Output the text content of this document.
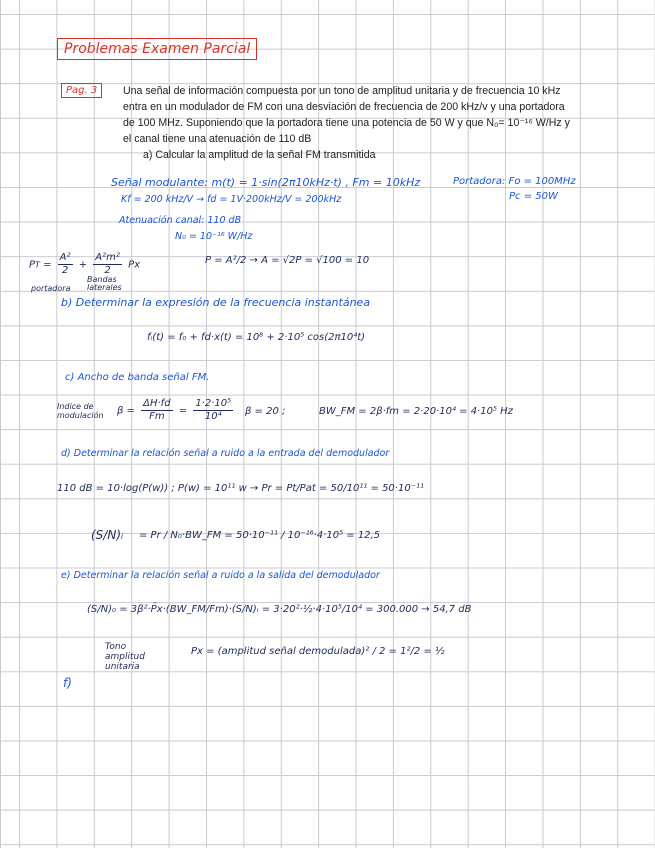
Problemas Examen Parcial
Pag. 3	Una señal de información compuesta por un tono de amplitud unitaria y de frecuencia 10 kHz
entra en un modulador de FM con una desviación de frecuencia de 200 kHz/v y una portadora
de 100 MHz. Suponiendo que la portadora tiene una potencia de 50 W y que N₀= 10⁻¹⁶ W/Hz y
el canal tiene una atenuación de 110 dB
a) Calcular la amplitud de la señal FM transmitida
Señal modulante: m(t) = 1·sin(2π10kHz·t) , Fm = 10kHz	Portadora: Fo = 100MHz
Pc = 50W
Kf = 200 kHz/V → fd = 1V·200kHz/V = 200kHz
Atenuación canal: 110 dB
N₀ = 10⁻¹⁶ W/Hz
PT = $\frac{\text{A²}}{2} + \frac{\text{A²m²}}{2}$ Px
portadora
Bandas laterales
P = A²/2 → A = √2P = √100 = 10
b) Determinar la expresión de la frecuencia instantánea
fᵢ(t) = f₀ + fd·x(t) = 10⁸ + 2·10⁵ cos(2π10⁴t)
c) Ancho de banda señal FM.
Indice de modulación	$\beta = \frac{\Delta H\cdot fd}{Fm} = \frac{\text{1·2·10⁵}}{\text{10⁴}}$ β = 20 ;	BW_FM = 2β·fm = 2·20·10⁴ = 4·10⁵ Hz
d) Determinar la relación señal a ruido a la entrada del demodulador
110 dB = 10·log(P(w)) ; P(w) = 10¹¹ w → Pr = Pt/Pat = 50/10¹¹ = 50·10⁻¹¹
(S/N)ᵢ = Pr / N₀·BW_FM = 50·10⁻¹¹ / 10⁻¹⁶·4·10⁵ = 12,5
e) Determinar la relación señal a ruido a la salida del demodulador
(S/N)₀ = 3β²·P̄x·(BW_FM/Fm)·(S/N)ᵢ = 3·20²·½·4·10⁵/10⁴ = 300.000 → 54,7 dB
Tono amplitud unitaria
Px = (amplitud señal demodulada)² / 2 = 1²/2 = ½
f)
